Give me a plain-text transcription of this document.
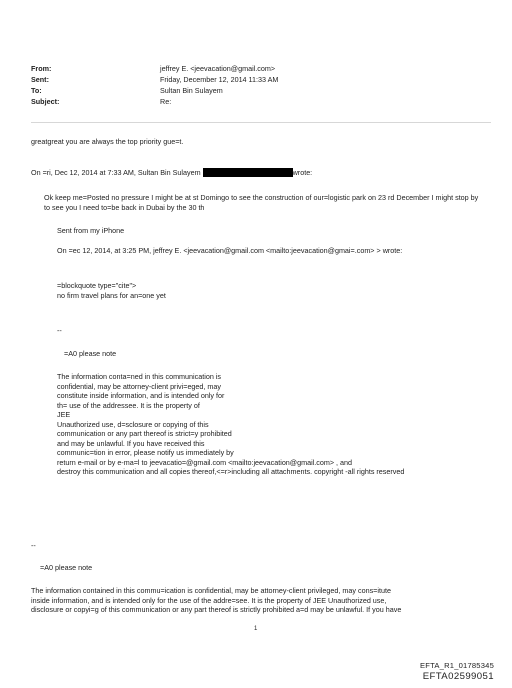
From:	jeffrey E. <jeevacation@gmail.com>
Sent:	Friday, December 12, 2014 11:33 AM
To:	Sultan Bin Sulayem
Subject:	Re:
greatgreat you are always the top priority gue=t.
On =ri, Dec 12, 2014 at 7:33 AM, Sultan Bin Sulayem	wrote:
Ok keep me=Posted no pressure I might be at st Domingo to see the construction of our=logistic park on 23 rd December I might stop by to see you I need to=be back in Dubai by the 30 th
Sent from my iPhone
On =ec 12, 2014, at 3:25 PM, jeffrey E. <jeevacation@gmail.com <mailto:jeevacation@gmai=.com> > wrote:
=blockquote type="cite">
no firm travel plans for an=one yet
--
=A0 please note
The information conta=ned in this communication is
confidential, may be attorney-client privi=eged, may
constitute inside information, and is intended only for
th= use of the addressee. It is the property of
JEE
Unauthorized use, d=sclosure or copying of this
communication or any part thereof is strict=y prohibited
and may be unlawful. If you have received this
communic=tion in error, please notify us immediately by
return e-mail or by e-ma=l to jeevacatio=@gmail.com <mailto:jeevacation@gmail.com> , and
destroy this communication and all copies thereof,<=r>including all attachments. copyright -all rights reserved
--
=A0 please note
The information contained in this commu=ication is confidential, may be attorney-client privileged, may cons=itute
inside information, and is intended only for the use of the addre=see. It is the property of JEE Unauthorized use,
disclosure or copyi=g of this communication or any part thereof is strictly prohibited a=d may be unlawful. If you have
1
EFTA_R1_01785345
EFTA02599051
